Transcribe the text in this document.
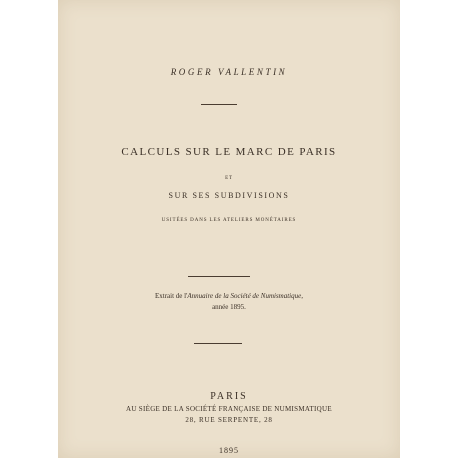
ROGER VALLENTIN
CALCULS SUR LE MARC DE PARIS
ET
SUR SES SUBDIVISIONS
USITÉES DANS LES ATELIERS MONÉTAIRES
Extrait de l'Annuaire de la Société de Numismatique,
année 1895.
PARIS
AU SIÈGE DE LA SOCIÉTÉ FRANÇAISE DE NUMISMATIQUE
28, RUE SERPENTE, 28
1895
